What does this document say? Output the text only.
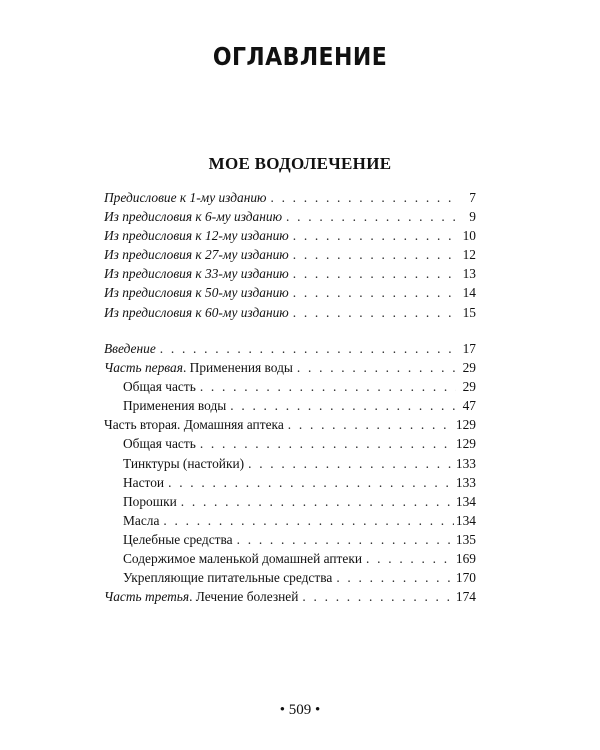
ОГЛАВЛЕНИЕ
МОЕ ВОДОЛЕЧЕНИЕ
Предисловие к 1-му изданию . . .	7
Из предисловия к 6-му изданию . . .	9
Из предисловия к 12-му изданию . . .	10
Из предисловия к 27-му изданию . . .	12
Из предисловия к 33-му изданию . . .	13
Из предисловия к 50-му изданию . . .	14
Из предисловия к 60-му изданию . . .	15
Введение . . .	17
Часть первая. Применения воды . . .	29
Общая часть . . .	29
Применения воды . . .	47
Часть вторая. Домашняя аптека . . .	129
Общая часть . . .	129
Тинктуры (настойки) . . .	133
Настои . . .	133
Порошки . . .	134
Масла . . .	134
Целебные средства . . .	135
Содержимое маленькой домашней аптеки . . .	169
Укрепляющие питательные средства . . .	170
Часть третья. Лечение болезней . . .	174
• 509 •
